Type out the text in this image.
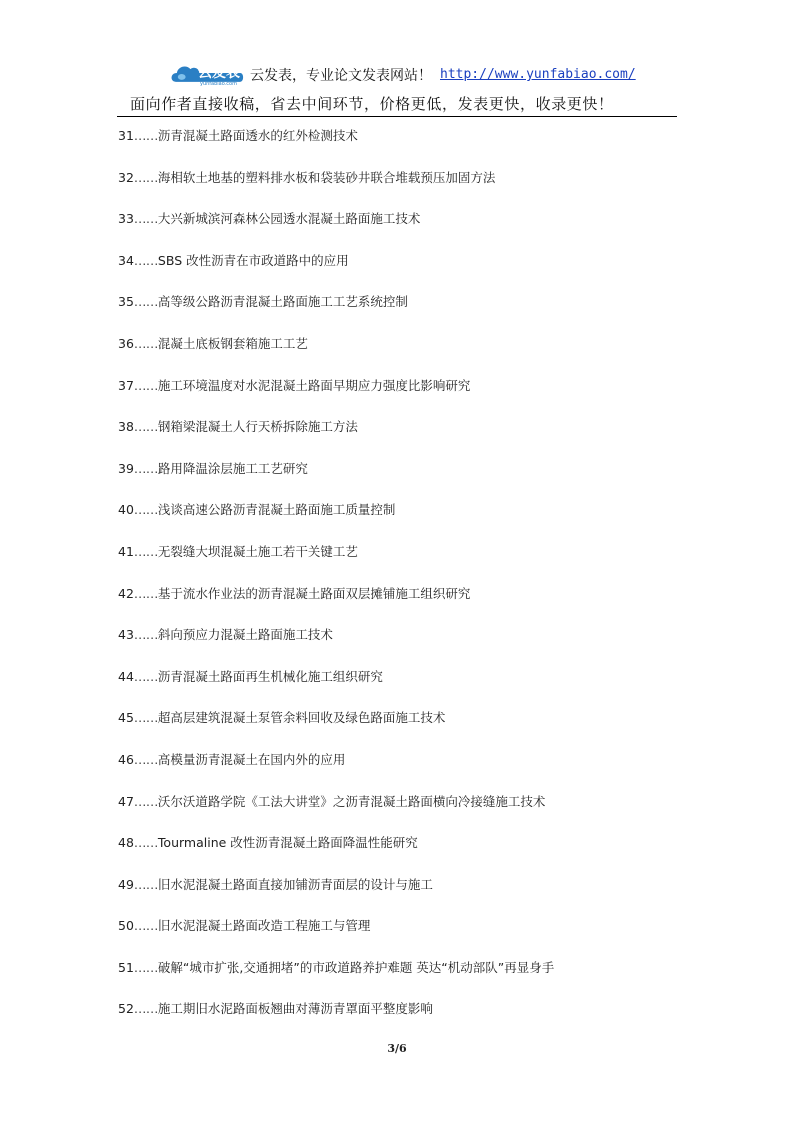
云发表
yunfabiao.com 云发表，专业论文发表网站！ http://www.yunfabiao.com/
面向作者直接收稿，省去中间环节，价格更低，发表更快，收录更快！
31……沥青混凝土路面透水的红外检测技术
32……海相软土地基的塑料排水板和袋装砂井联合堆载预压加固方法
33……大兴新城滨河森林公园透水混凝土路面施工技术
34……SBS 改性沥青在市政道路中的应用
35……高等级公路沥青混凝土路面施工工艺系统控制
36……混凝土底板钢套箱施工工艺
37……施工环境温度对水泥混凝土路面早期应力强度比影响研究
38……钢箱梁混凝土人行天桥拆除施工方法
39……路用降温涂层施工工艺研究
40……浅谈高速公路沥青混凝土路面施工质量控制
41……无裂缝大坝混凝土施工若干关键工艺
42……基于流水作业法的沥青混凝土路面双层摊铺施工组织研究
43……斜向预应力混凝土路面施工技术
44……沥青混凝土路面再生机械化施工组织研究
45……超高层建筑混凝土泵管余料回收及绿色路面施工技术
46……高模量沥青混凝土在国内外的应用
47……沃尔沃道路学院《工法大讲堂》之沥青混凝土路面横向冷接缝施工技术
48……Tourmaline 改性沥青混凝土路面降温性能研究
49……旧水泥混凝土路面直接加铺沥青面层的设计与施工
50……旧水泥混凝土路面改造工程施工与管理
51……破解“城市扩张,交通拥堵”的市政道路养护难题 英达“机动部队”再显身手
52……施工期旧水泥路面板翘曲对薄沥青罩面平整度影响
3/6
